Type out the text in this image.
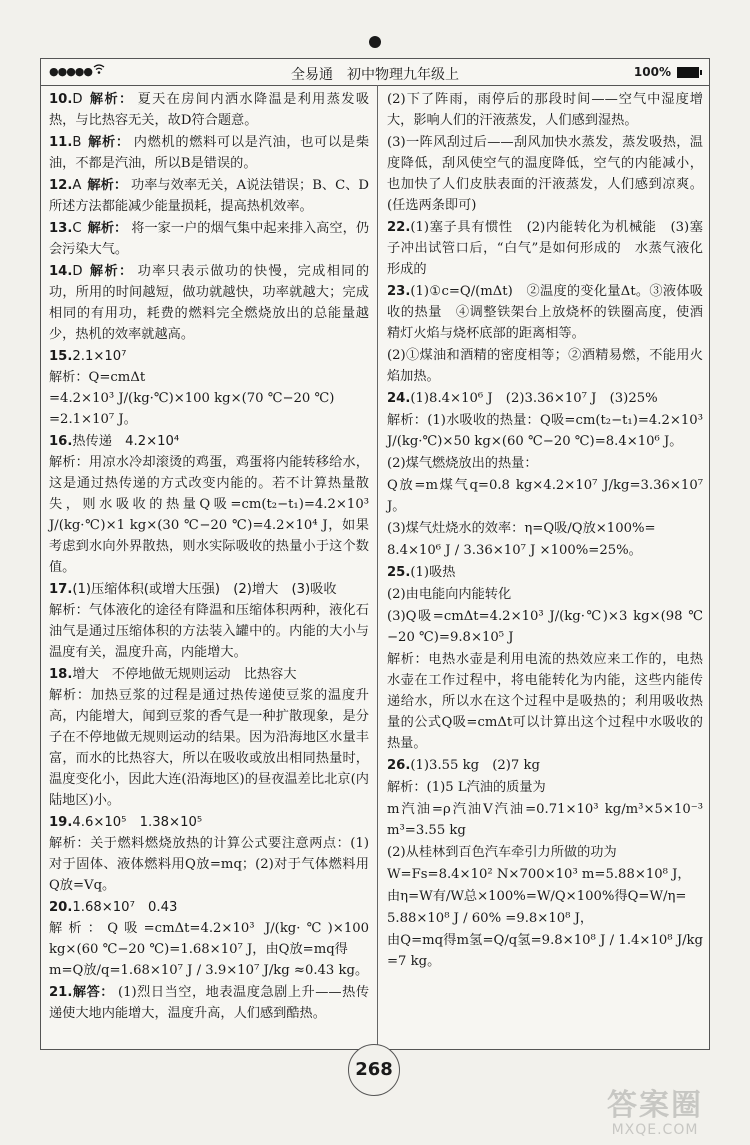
●●●●●	全易通　初中物理九年级上	100%

10.D 解析： 夏天在房间内洒水降温是利用蒸发吸热，与比热容无关，故D符合题意。

11.B 解析： 内燃机的燃料可以是汽油，也可以是柴油，不都是汽油，所以B是错误的。

12.A 解析： 功率与效率无关，A说法错误；B、C、D所述方法都能减少能量损耗，提高热机效率。

13.C 解析： 将一家一户的烟气集中起来排入高空，仍会污染大气。

14.D 解析： 功率只表示做功的快慢，完成相同的功，所用的时间越短，做功就越快，功率就越大；完成相同的有用功，耗费的燃料完全燃烧放出的总能量越少，热机的效率就越高。

15.2.1×10⁷

解析：Q=cmΔt

=4.2×10³ J/(kg·℃)×100 kg×(70 ℃−20 ℃)

=2.1×10⁷ J。

16.热传递　4.2×10⁴

解析：用凉水冷却滚烫的鸡蛋，鸡蛋将内能转移给水，这是通过热传递的方式改变内能的。若不计算热量散失，则水吸收的热量Q吸=cm(t₂−t₁)=4.2×10³ J/(kg·℃)×1 kg×(30 ℃−20 ℃)=4.2×10⁴ J，如果考虑到水向外界散热，则水实际吸收的热量小于这个数值。

17.(1)压缩体积(或增大压强)　(2)增大　(3)吸收

解析：气体液化的途径有降温和压缩体积两种，液化石油气是通过压缩体积的方法装入罐中的。内能的大小与温度有关，温度升高，内能增大。

18.增大　不停地做无规则运动　比热容大

解析：加热豆浆的过程是通过热传递使豆浆的温度升高，内能增大，闻到豆浆的香气是一种扩散现象，是分子在不停地做无规则运动的结果。因为沿海地区水量丰富，而水的比热容大，所以在吸收或放出相同热量时，温度变化小，因此大连(沿海地区)的昼夜温差比北京(内陆地区)小。

19.4.6×10⁵　1.38×10⁵

解析：关于燃料燃烧放热的计算公式要注意两点：(1)对于固体、液体燃料用Q放=mq；(2)对于气体燃料用Q放=Vq。

20.1.68×10⁷　0.43

解析：Q吸=cmΔt=4.2×10³ J/(kg·℃)×100 kg×(60 ℃−20 ℃)=1.68×10⁷ J，由Q放=mq得

m=Q放/q=1.68×10⁷ J / 3.9×10⁷ J/kg ≈0.43 kg。

21.解答： (1)烈日当空，地表温度急剧上升——热传递使大地内能增大，温度升高，人们感到酷热。

(2)下了阵雨，雨停后的那段时间——空气中湿度增大，影响人们的汗液蒸发，人们感到湿热。

(3)一阵风刮过后——刮风加快水蒸发，蒸发吸热，温度降低，刮风使空气的温度降低，空气的内能减小，也加快了人们皮肤表面的汗液蒸发，人们感到凉爽。(任选两条即可)

22.(1)塞子具有惯性　(2)内能转化为机械能　(3)塞子冲出试管口后，“白气”是如何形成的　水蒸气液化形成的

23.(1)①c=Q/(mΔt)　②温度的变化量Δt。③液体吸收的热量　④调整铁架台上放烧杯的铁圈高度，使酒精灯火焰与烧杯底部的距离相等。

(2)①煤油和酒精的密度相等；②酒精易燃，不能用火焰加热。

24.(1)8.4×10⁶ J　(2)3.36×10⁷ J　(3)25%

解析：(1)水吸收的热量：Q吸=cm(t₂−t₁)=4.2×10³ J/(kg·℃)×50 kg×(60 ℃−20 ℃)=8.4×10⁶ J。

(2)煤气燃烧放出的热量：

Q放=m煤气q=0.8 kg×4.2×10⁷ J/kg=3.36×10⁷ J。

(3)煤气灶烧水的效率：η=Q吸/Q放×100%=

8.4×10⁶ J / 3.36×10⁷ J ×100%=25%。

25.(1)吸热

(2)由电能向内能转化

(3)Q吸=cmΔt=4.2×10³ J/(kg·℃)×3 kg×(98 ℃−20 ℃)=9.8×10⁵ J

解析：电热水壶是利用电流的热效应来工作的，电热水壶在工作过程中，将电能转化为内能，这些内能传递给水，所以水在这个过程中是吸热的；利用吸收热量的公式Q吸=cmΔt可以计算出这个过程中水吸收的热量。

26.(1)3.55 kg　(2)7 kg

解析：(1)5 L汽油的质量为

m汽油=ρ汽油V汽油=0.71×10³ kg/m³×5×10⁻³ m³=3.55 kg

(2)从桂林到百色汽车牵引力所做的功为

W=Fs=8.4×10² N×700×10³ m=5.88×10⁸ J，

由η=W有/W总×100%=W/Q×100%得Q=W/η=

5.88×10⁸ J / 60% =9.8×10⁸ J，

由Q=mq得m氢=Q/q氢=9.8×10⁸ J / 1.4×10⁸ J/kg =7 kg。

268
答案圈
MXQE.COM
